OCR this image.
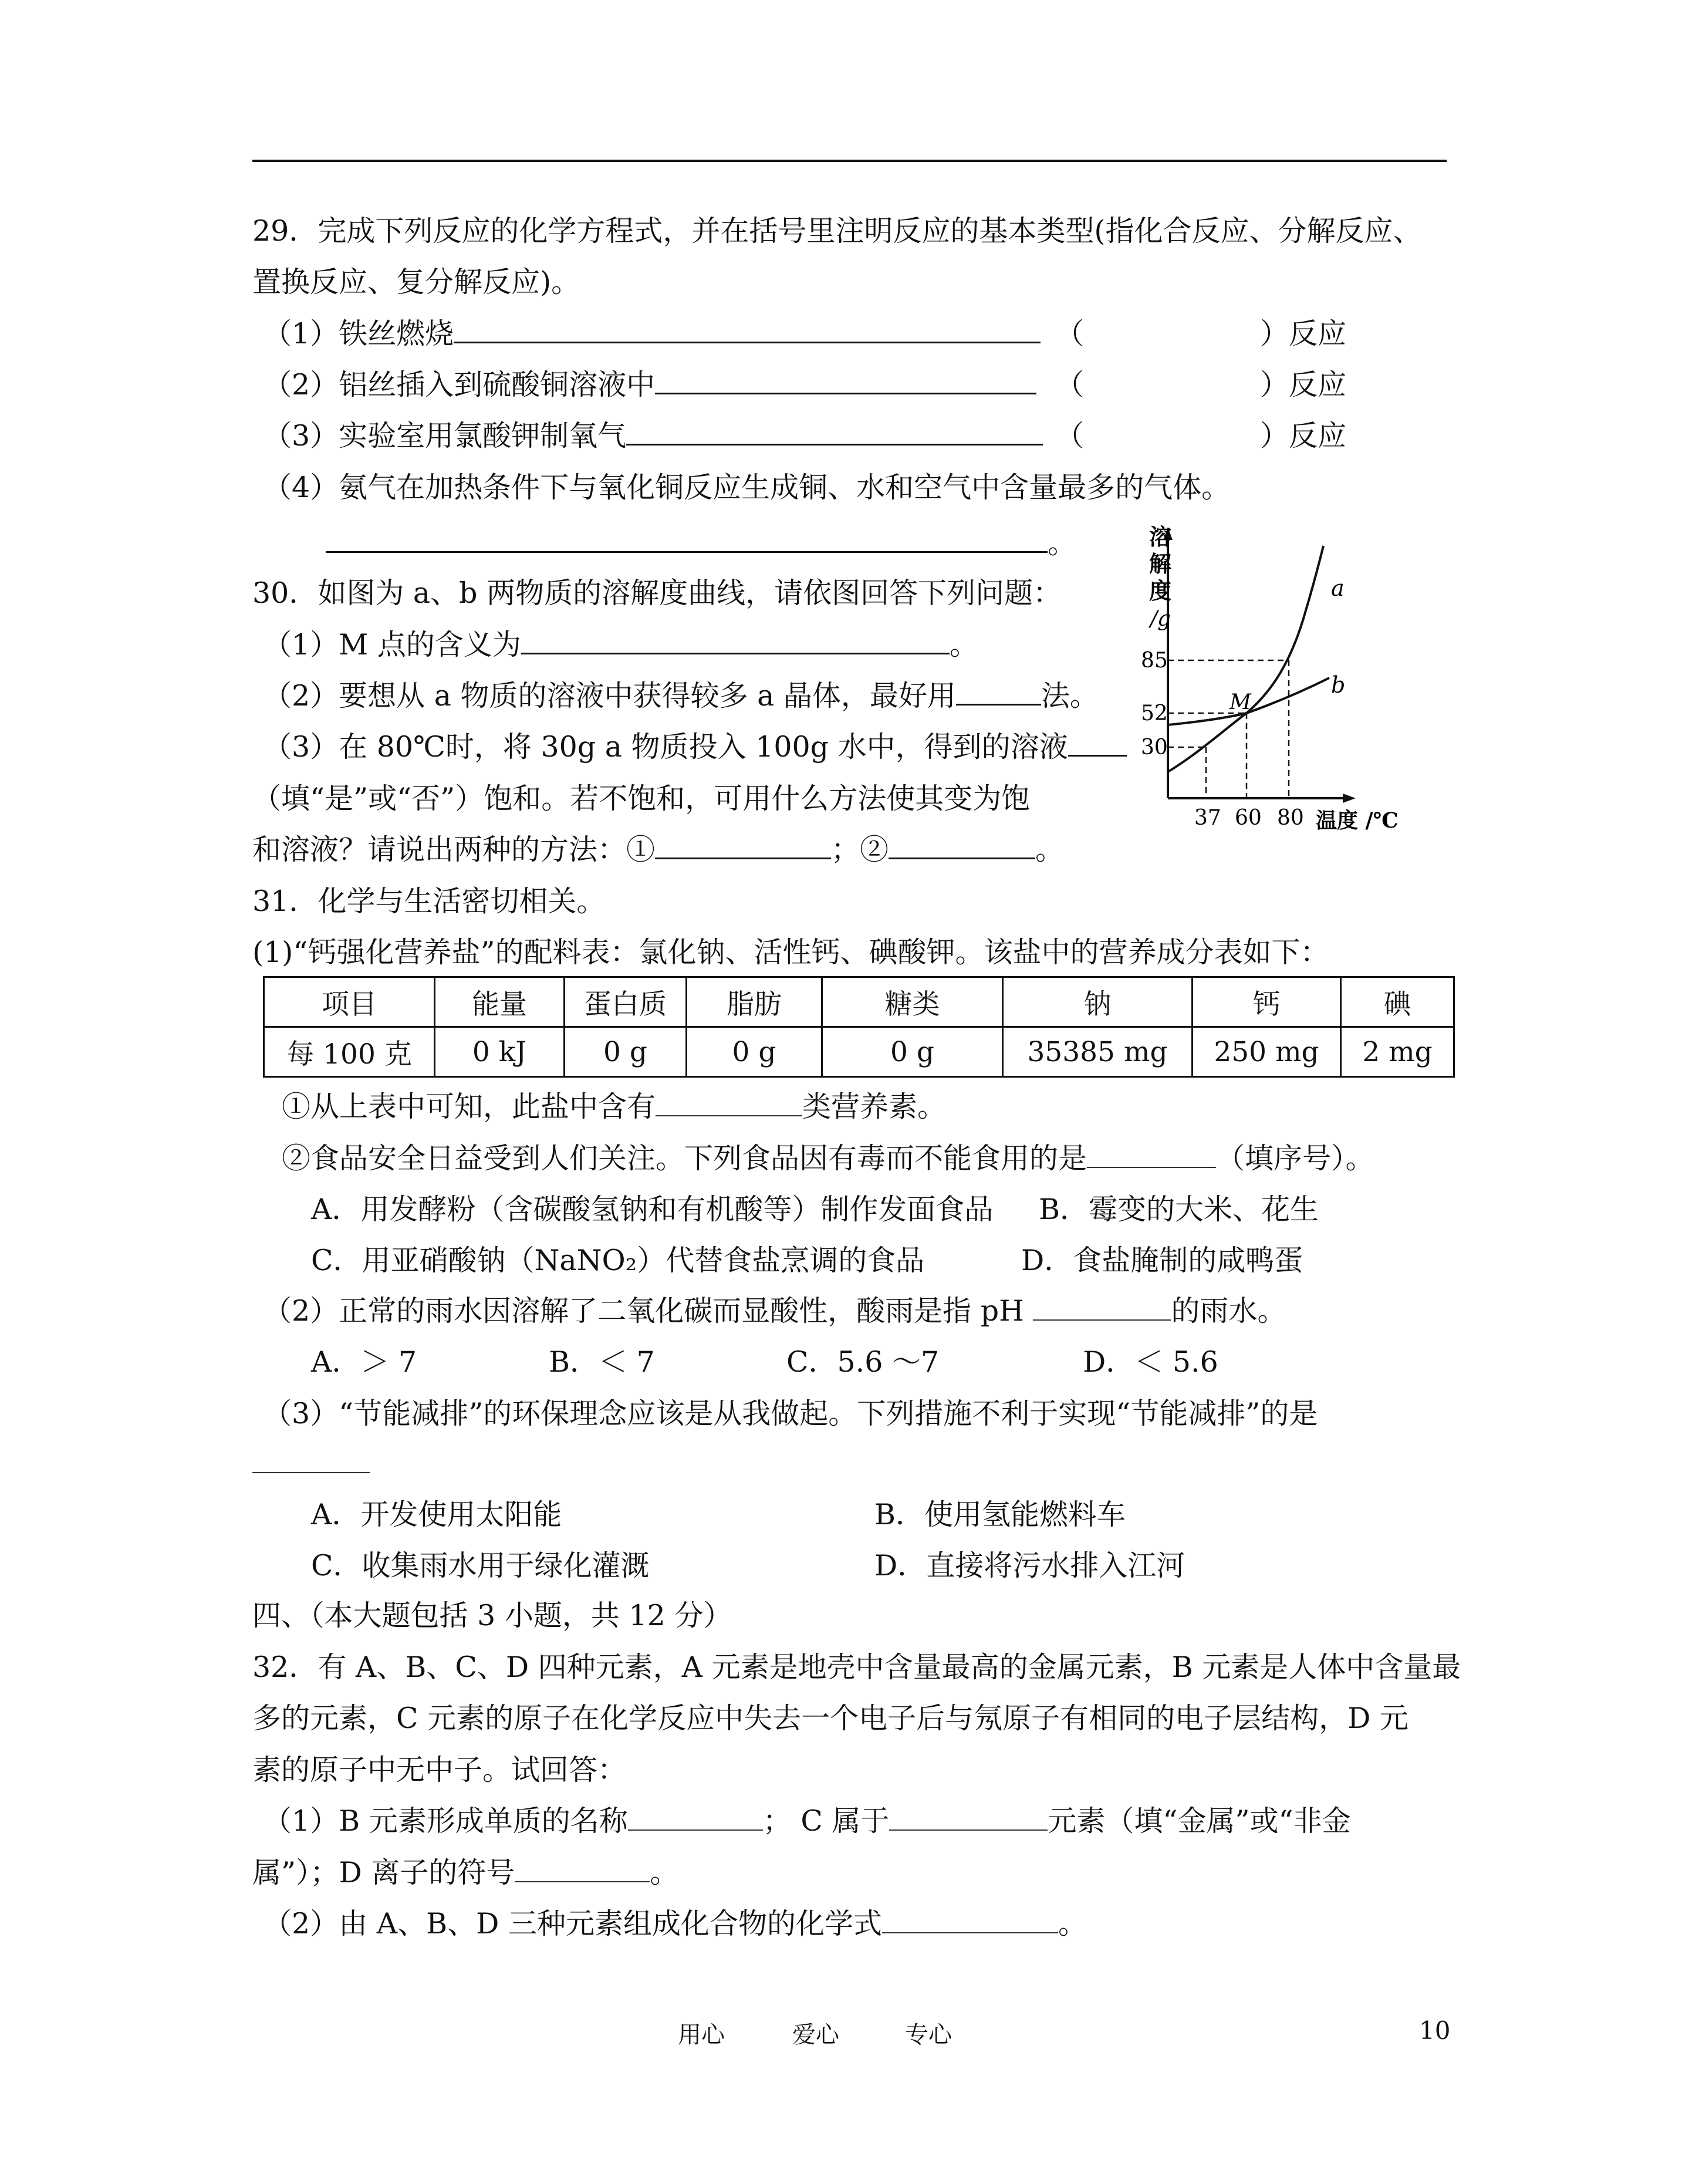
29．完成下列反应的化学方程式，并在括号里注明反应的基本类型(指化合反应、分解反应、
置换反应、复分解反应)。
（1）铁丝燃烧	（	）反应
（2）铝丝插入到硫酸铜溶液中	（	）反应
（3）实验室用氯酸钾制氧气	（	）反应
（4）氨气在加热条件下与氧化铜反应生成铜、水和空气中含量最多的气体。
。
30．如图为 a、b 两物质的溶解度曲线，请依图回答下列问题：
（1）M 点的含义为	。
（2）要想从 a 物质的溶液中获得较多 a 晶体，最好用	法。
（3）在 80℃时，将 30g a 物质投入 100g 水中，得到的溶液
（填“是”或“否”）饱和。若不饱和，可用什么方法使其变为饱
和溶液？请说出两种的方法：①	；②	。
溶
解
度
/g
a
b
M
85
52
30
37 60 80 温度 /℃
31．化学与生活密切相关。
(1)“钙强化营养盐”的配料表：氯化钠、活性钙、碘酸钾。该盐中的营养成分表如下：
项目	能量	蛋白质	脂肪	糖类	钠	钙	碘
每 100 克	0 kJ	0 g	0 g	0 g	35385 mg	250 mg	2 mg
①从上表中可知，此盐中含有	类营养素。
②食品安全日益受到人们关注。下列食品因有毒而不能食用的是	（填序号）。
A．用发酵粉（含碳酸氢钠和有机酸等）制作发面食品 B．霉变的大米、花生
C．用亚硝酸钠（NaNO₂）代替食盐烹调的食品	D．食盐腌制的咸鸭蛋
（2）正常的雨水因溶解了二氧化碳而显酸性，酸雨是指 pH	的雨水。
A．＞ 7	B．＜ 7	C．5.6 ～7	D．＜ 5.6
（3）“节能减排”的环保理念应该是从我做起。下列措施不利于实现“节能减排”的是
A．开发使用太阳能	B．使用氢能燃料车
C．收集雨水用于绿化灌溉	D．直接将污水排入江河
四、（本大题包括 3 小题，共 12 分）
32．有 A、B、C、D 四种元素，A 元素是地壳中含量最高的金属元素，B 元素是人体中含量最
多的元素，C 元素的原子在化学反应中失去一个电子后与氖原子有相同的电子层结构，D 元
素的原子中无中子。试回答：
（1）B 元素形成单质的名称	； C 属于	元素（填“金属”或“非金
属”）；D 离子的符号	。
（2）由 A、B、D 三种元素组成化合物的化学式	。
用心	爱心	专心	10
